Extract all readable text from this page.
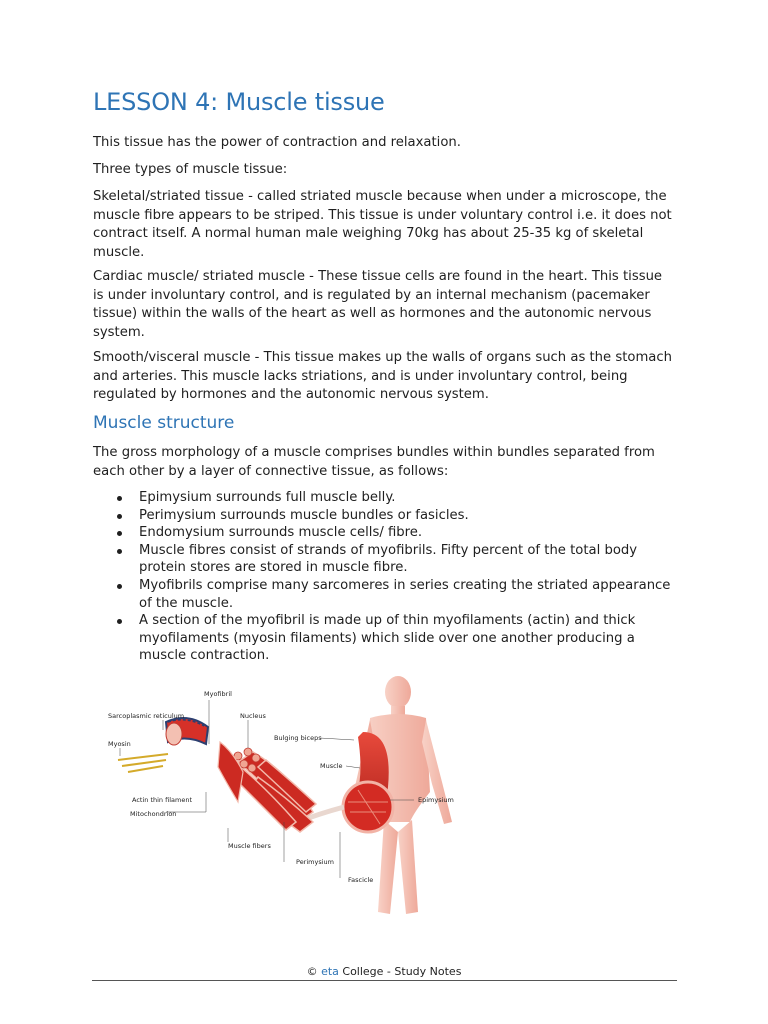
LESSON 4: Muscle tissue

This tissue has the power of contraction and relaxation.

Three types of muscle tissue:

Skeletal/striated tissue - called striated muscle because when under a microscope, the muscle fibre appears to be striped. This tissue is under voluntary control i.e. it does not contract itself. A normal human male weighing 70kg has about 25-35 kg of skeletal muscle.

Cardiac muscle/ striated muscle - These tissue cells are found in the heart. This tissue is under involuntary control, and is regulated by an internal mechanism (pacemaker tissue) within the walls of the heart as well as hormones and the autonomic nervous system.

Smooth/visceral muscle - This tissue makes up the walls of organs such as the stomach and arteries. This muscle lacks striations, and is under involuntary control, being regulated by hormones and the autonomic nervous system.

Muscle structure

The gross morphology of a muscle comprises bundles within bundles separated from each other by a layer of connective tissue, as follows:

Epimysium surrounds full muscle belly.
Perimysium surrounds muscle bundles or fasicles.
Endomysium surrounds muscle cells/ fibre.
Muscle fibres consist of strands of myofibrils. Fifty percent of the total body protein stores are stored in muscle fibre.
Myofibrils comprise many sarcomeres in series creating the striated appearance of the muscle.
A section of the myofibril is made up of thin myofilaments (actin) and thick myofilaments (myosin filaments) which slide over one another producing a muscle contraction.
Myofibril
Sarcoplasmic reticulum	Nucleus
Bulging biceps
Myosin
Muscle
Epimysium
Actin thin filament
Mitochondrion
Muscle fibers
Perimysium
Fascicle
© eta College - Study Notes
